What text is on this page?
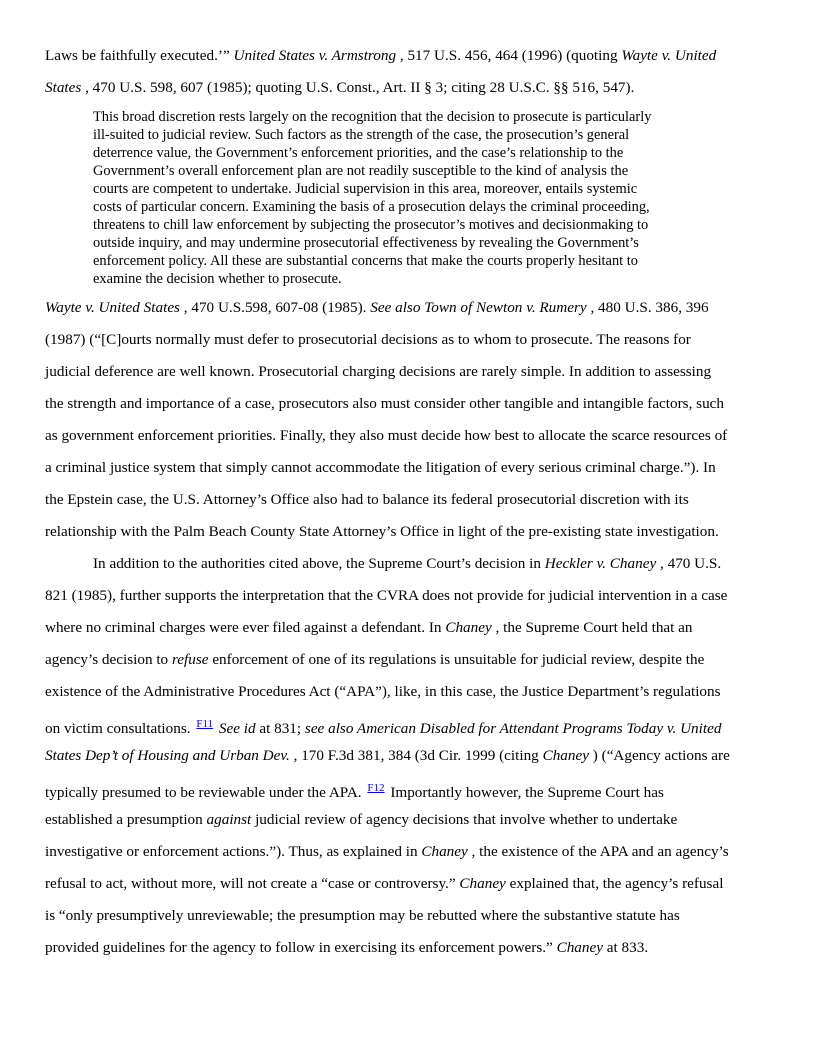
Laws be faithfully executed.’” United States v. Armstrong , 517 U.S. 456, 464 (1996) (quoting Wayte v. United
States , 470 U.S. 598, 607 (1985); quoting U.S. Const., Art. II § 3; citing 28 U.S.C. §§ 516, 547).
This broad discretion rests largely on the recognition that the decision to prosecute is particularly
ill-suited to judicial review. Such factors as the strength of the case, the prosecution’s general
deterrence value, the Government’s enforcement priorities, and the case’s relationship to the
Government’s overall enforcement plan are not readily susceptible to the kind of analysis the
courts are competent to undertake. Judicial supervision in this area, moreover, entails systemic
costs of particular concern. Examining the basis of a prosecution delays the criminal proceeding,
threatens to chill law enforcement by subjecting the prosecutor’s motives and decisionmaking to
outside inquiry, and may undermine prosecutorial effectiveness by revealing the Government’s
enforcement policy. All these are substantial concerns that make the courts properly hesitant to
examine the decision whether to prosecute.
Wayte v. United States , 470 U.S.598, 607-08 (1985). See also Town of Newton v. Rumery , 480 U.S. 386, 396
(1987) (“[C]ourts normally must defer to prosecutorial decisions as to whom to prosecute. The reasons for
judicial deference are well known. Prosecutorial charging decisions are rarely simple. In addition to assessing
the strength and importance of a case, prosecutors also must consider other tangible and intangible factors, such
as government enforcement priorities. Finally, they also must decide how best to allocate the scarce resources of
a criminal justice system that simply cannot accommodate the litigation of every serious criminal charge.”). In
the Epstein case, the U.S. Attorney’s Office also had to balance its federal prosecutorial discretion with its
relationship with the Palm Beach County State Attorney’s Office in light of the pre-existing state investigation.
In addition to the authorities cited above, the Supreme Court’s decision in Heckler v. Chaney , 470 U.S.
821 (1985), further supports the interpretation that the CVRA does not provide for judicial intervention in a case
where no criminal charges were ever filed against a defendant. In Chaney , the Supreme Court held that an
agency’s decision to refuse enforcement of one of its regulations is unsuitable for judicial review, despite the
existence of the Administrative Procedures Act (“APA”), like, in this case, the Justice Department’s regulations
on victim consultations. $^{F11}$ See id at 831; see also American Disabled for Attendant Programs Today v. United
States Dep’t of Housing and Urban Dev. , 170 F.3d 381, 384 (3d Cir. 1999 (citing Chaney ) (“Agency actions are
typically presumed to be reviewable under the APA. $^{F12}$ Importantly however, the Supreme Court has
established a presumption against judicial review of agency decisions that involve whether to undertake
investigative or enforcement actions.”). Thus, as explained in Chaney , the existence of the APA and an agency’s
refusal to act, without more, will not create a “case or controversy.” Chaney explained that, the agency’s refusal
is “only presumptively unreviewable; the presumption may be rebutted where the substantive statute has
provided guidelines for the agency to follow in exercising its enforcement powers.” Chaney at 833.
